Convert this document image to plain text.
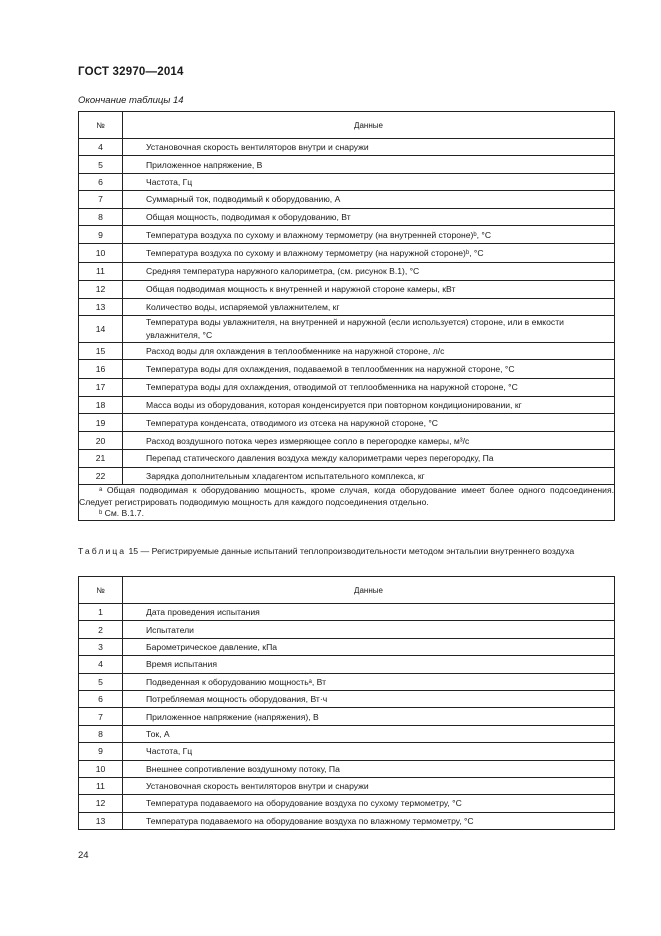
ГОСТ 32970—2014
Окончание таблицы 14
№	Данные
4	Установочная скорость вентиляторов внутри и снаружи
5	Приложенное напряжение, В
6	Частота, Гц
7	Суммарный ток, подводимый к оборудованию, А
8	Общая мощность, подводимая к оборудованию, Вт
9	Температура воздуха по сухому и влажному термометру (на внутренней стороне)ᵇ, °C
10	Температура воздуха по сухому и влажному термометру (на наружной стороне)ᵇ, °C
11	Средняя температура наружного калориметра, (см. рисунок В.1), °C
12	Общая подводимая мощность к внутренней и наружной стороне камеры, кВт
13	Количество воды, испаряемой увлажнителем, кг
14	Температура воды увлажнителя, на внутренней и наружной (если используется) стороне, или в емкости увлажнителя, °C
15	Расход воды для охлаждения в теплообменнике на наружной стороне, л/с
16	Температура воды для охлаждения, подаваемой в теплообменник на наружной стороне, °C
17	Температура воды для охлаждения, отводимой от теплообменника на наружной стороне, °C
18	Масса воды из оборудования, которая конденсируется при повторном кондиционировании, кг
19	Температура конденсата, отводимого из отсека на наружной стороне, °C
20	Расход воздушного потока через измеряющее сопло в перегородке камеры, м³/с
21	Перепад статического давления воздуха между калориметрами через перегородку, Па
22	Зарядка дополнительным хладагентом испытательного комплекса, кг

ᵃ Общая подводимая к оборудованию мощность, кроме случая, когда оборудование имеет более одного подсоединения. Следует регистрировать подводимую мощность для каждого подсоединения отдельно.
ᵇ См. В.1.7.	
Таблица 15 — Регистрируемые данные испытаний теплопроизводительности методом энтальпии внутреннего воздуха
№	Данные
1	Дата проведения испытания
2	Испытатели
3	Барометрическое давление, кПа
4	Время испытания
5	Подведенная к оборудованию мощностьᵃ, Вт
6	Потребляемая мощность оборудования, Вт·ч
7	Приложенное напряжение (напряжения), В
8	Ток, А
9	Частота, Гц
10	Внешнее сопротивление воздушному потоку, Па
11	Установочная скорость вентиляторов внутри и снаружи
12	Температура подаваемого на оборудование воздуха по сухому термометру, °C
13	Температура подаваемого на оборудование воздуха по влажному термометру, °C
24
